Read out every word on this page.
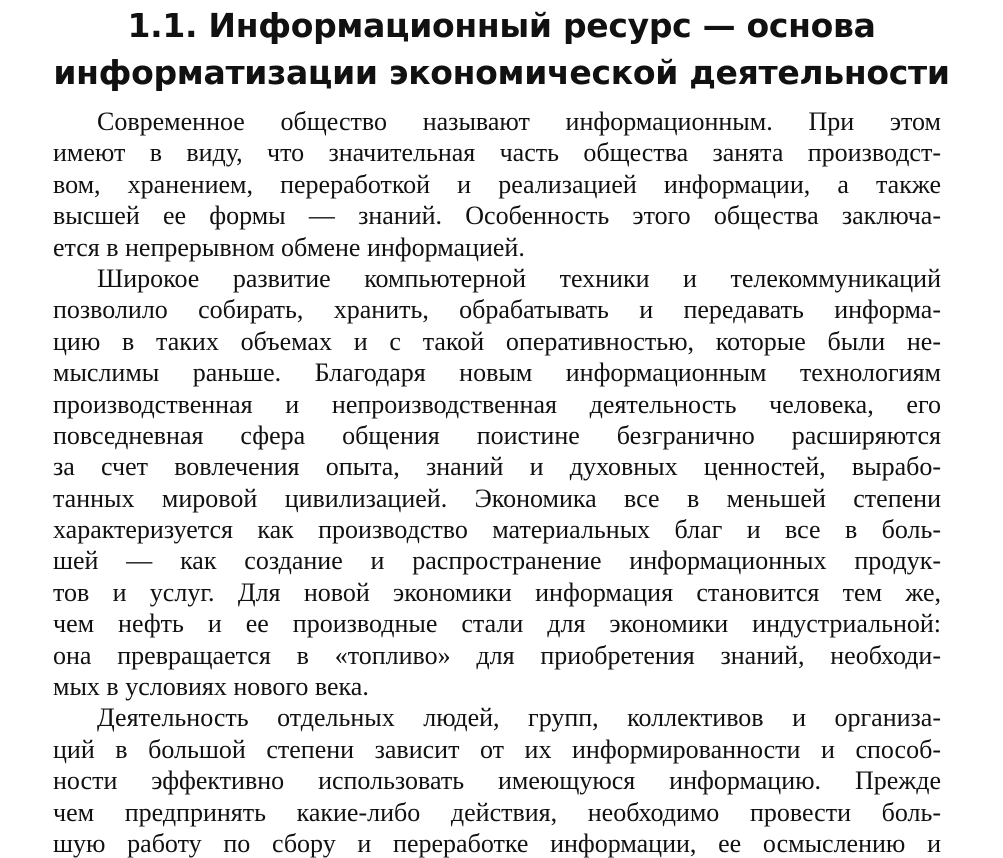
1.1. Информационный ресурс — основа
информатизации экономической деятельности
Современное общество называют информационным. При этом
имеют в виду, что значительная часть общества занята производст-
вом, хранением, переработкой и реализацией информации, а также
высшей ее формы — знаний. Особенность этого общества заключа-
ется в непрерывном обмене информацией.
Широкое развитие компьютерной техники и телекоммуникаций
позволило собирать, хранить, обрабатывать и передавать информа-
цию в таких объемах и с такой оперативностью, которые были не-
мыслимы раньше. Благодаря новым информационным технологиям
производственная и непроизводственная деятельность человека, его
повседневная сфера общения поистине безгранично расширяются
за счет вовлечения опыта, знаний и духовных ценностей, вырабо-
танных мировой цивилизацией. Экономика все в меньшей степени
характеризуется как производство материальных благ и все в боль-
шей — как создание и распространение информационных продук-
тов и услуг. Для новой экономики информация становится тем же,
чем нефть и ее производные стали для экономики индустриальной:
она превращается в «топливо» для приобретения знаний, необходи-
мых в условиях нового века.
Деятельность отдельных людей, групп, коллективов и организа-
ций в большой степени зависит от их информированности и способ-
ности эффективно использовать имеющуюся информацию. Прежде
чем предпринять какие-либо действия, необходимо провести боль-
шую работу по сбору и переработке информации, ее осмыслению и
